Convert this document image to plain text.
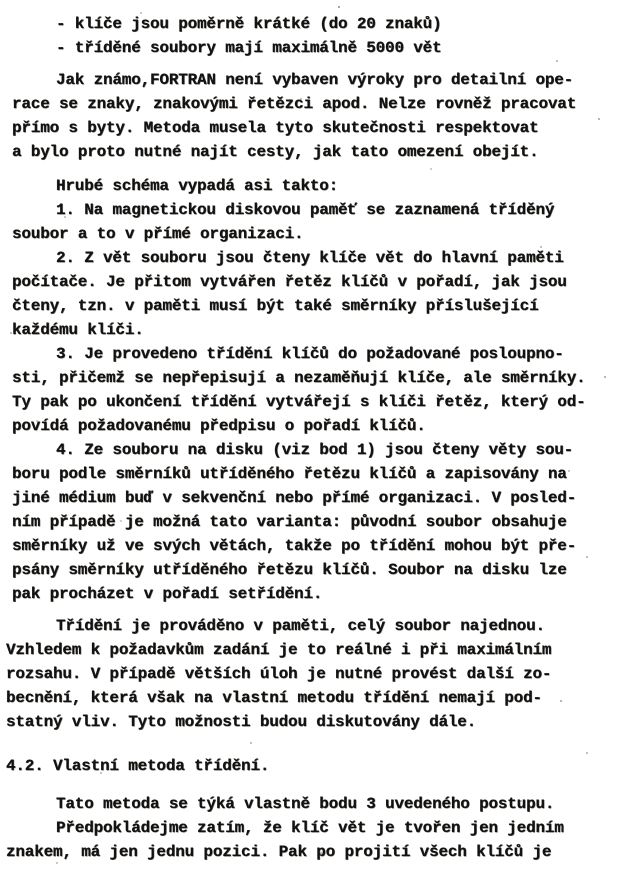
- klíče jsou poměrně krátké (do 20 znaků)
- tříděné soubory mají maximálně 5000 vět
Jak známo,FORTRAN není vybaven výroky pro detailní ope-
race se znaky, znakovými řetězci apod. Nelze rovněž pracovat
přímo s byty. Metoda musela tyto skutečnosti respektovat
a bylo proto nutné najít cesty, jak tato omezení obejít.
Hrubé schéma vypadá asi takto:
1. Na magnetickou diskovou paměť se zaznamená tříděný
soubor a to v přímé organizaci.
2. Z vět souboru jsou čteny klíče vět do hlavní paměti
počítače. Je přitom vytvářen řetěz klíčů v pořadí, jak jsou
čteny, tzn. v paměti musí být také směrníky příslušející
každému klíči.
3. Je provedeno třídění klíčů do požadované posloupno-
sti, přičemž se nepřepisují a nezaměňují klíče, ale směrníky.
Ty pak po ukončení třídění vytvářejí s klíči řetěz, který od-
povídá požadovanému předpisu o pořadí klíčů.
4. Ze souboru na disku (viz bod 1) jsou čteny věty sou-
boru podle směrníků utříděného řetězu klíčů a zapisovány na
jiné médium buď v sekvenční nebo přímé organizaci. V posled-
ním případě je možná tato varianta: původní soubor obsahuje
směrníky už ve svých větách, takže po třídění mohou být pře-
psány směrníky utříděného řetězu klíčů. Soubor na disku lze
pak procházet v pořadí setřídění.
Třídění je prováděno v paměti, celý soubor najednou.
Vzhledem k požadavkům zadání je to reálné i při maximálním
rozsahu. V případě větších úloh je nutné provést další zo-
becnění, která však na vlastní metodu třídění nemají pod-
statný vliv. Tyto možnosti budou diskutovány dále.
4.2. Vlastní metoda třídění.
Tato metoda se týká vlastně bodu 3 uvedeného postupu.
Předpokládejme zatím, že klíč vět je tvořen jen jedním
znakem, má jen jednu pozici. Pak po projití všech klíčů je
